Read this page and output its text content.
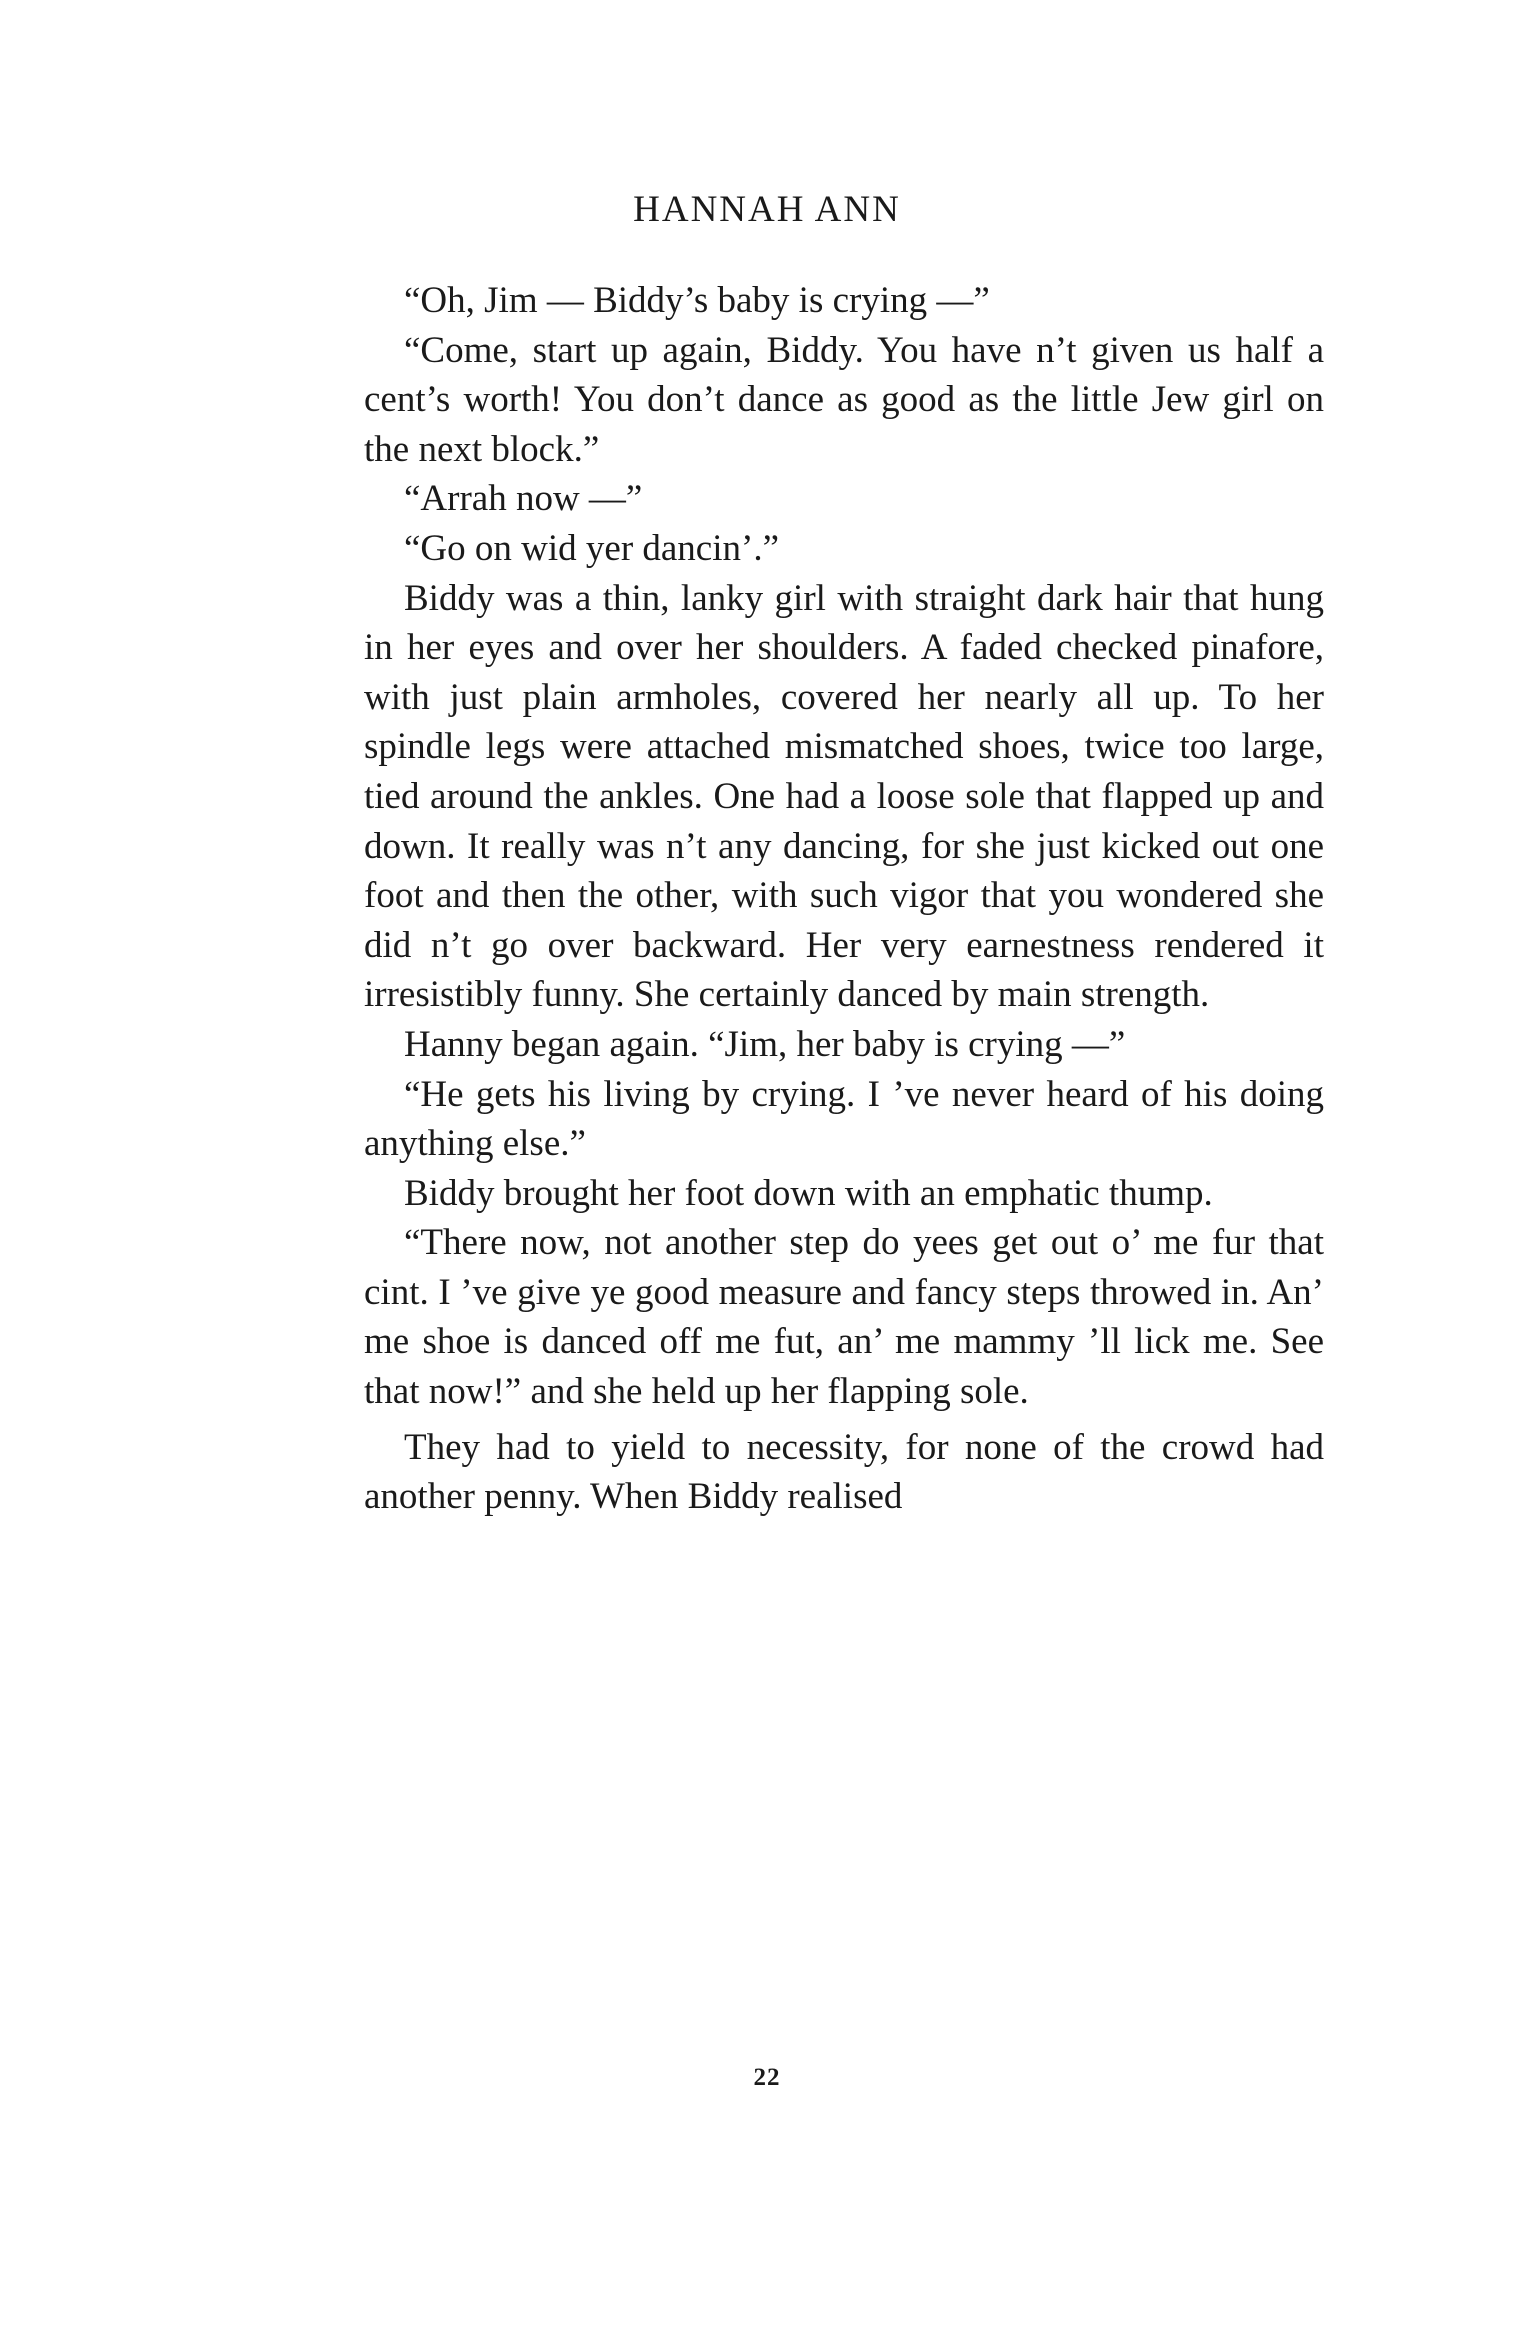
HANNAH ANN

“Oh, Jim — Biddy’s baby is crying —”

“Come, start up again, Biddy. You have n’t given us half a cent’s worth! You don’t dance as good as the little Jew girl on the next block.”

“Arrah now —”

“Go on wid yer dancin’.”

Biddy was a thin, lanky girl with straight dark hair that hung in her eyes and over her shoulders. A faded checked pinafore, with just plain armholes, covered her nearly all up. To her spindle legs were attached mismatched shoes, twice too large, tied around the ankles. One had a loose sole that flapped up and down. It really was n’t any dancing, for she just kicked out one foot and then the other, with such vigor that you wondered she did n’t go over backward. Her very earnestness rendered it irresistibly funny. She certainly danced by main strength.

Hanny began again. “Jim, her baby is crying —”

“He gets his living by crying. I ’ve never heard of his doing anything else.”

Biddy brought her foot down with an emphatic thump.

“There now, not another step do yees get out o’ me fur that cint. I ’ve give ye good measure and fancy steps throwed in. An’ me shoe is danced off me fut, an’ me mammy ’ll lick me. See that now!” and she held up her flapping sole.

They had to yield to necessity, for none of the crowd had another penny. When Biddy realised

22
